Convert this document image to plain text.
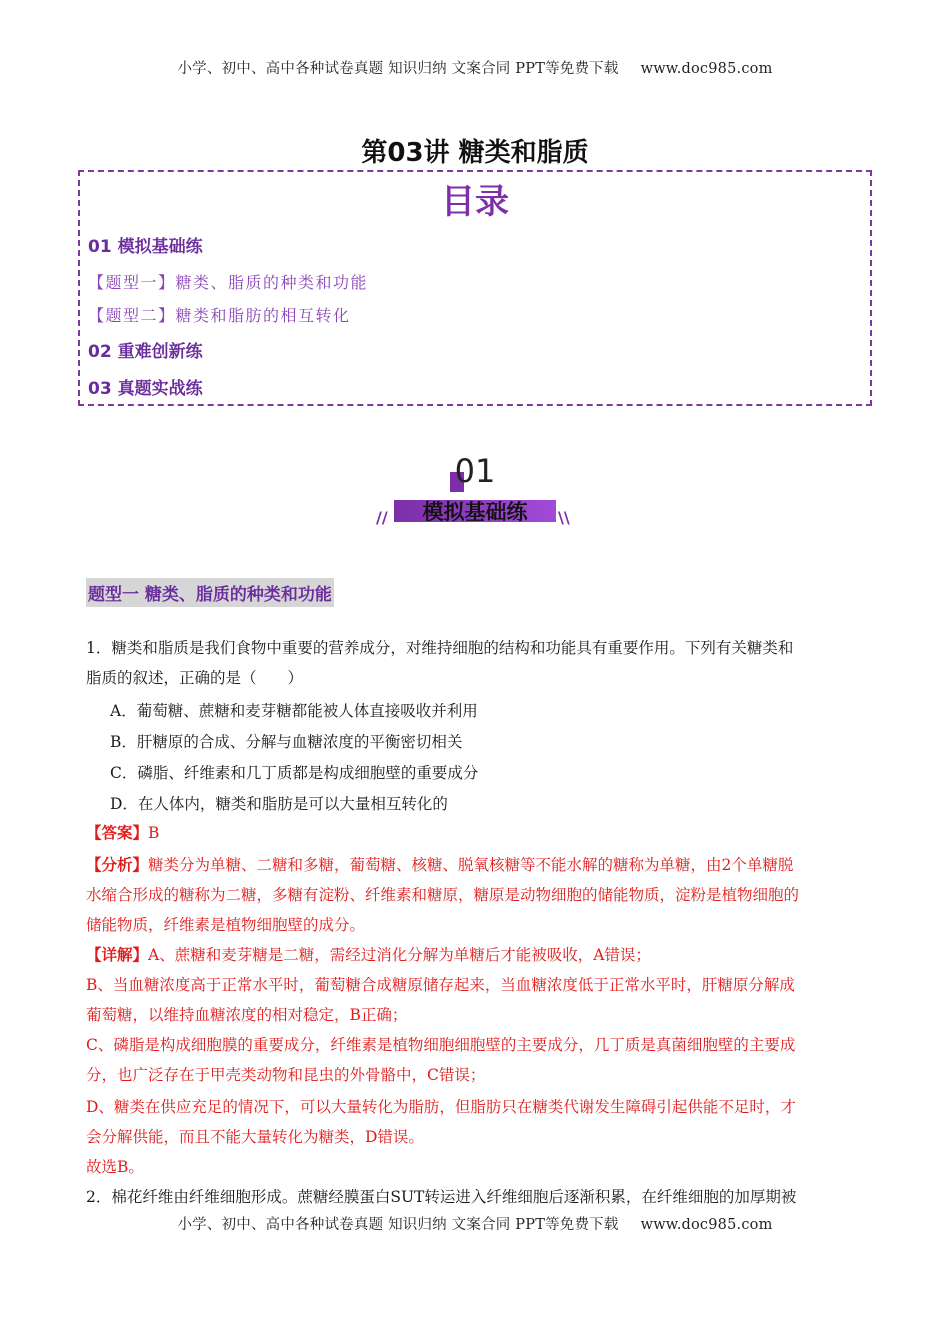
小学、初中、高中各种试卷真题 知识归纳 文案合同 PPT等免费下载 www.doc985.com
第03讲 糖类和脂质
目录
01 模拟基础练
【题型一】糖类、脂质的种类和功能
【题型二】糖类和脂肪的相互转化
02 重难创新练
03 真题实战练
01
模拟基础练
//	\\
题型一 糖类、脂质的种类和功能
1．糖类和脂质是我们食物中重要的营养成分，对维持细胞的结构和功能具有重要作用。下列有关糖类和
脂质的叙述，正确的是（　　）
A．葡萄糖、蔗糖和麦芽糖都能被人体直接吸收并利用
B．肝糖原的合成、分解与血糖浓度的平衡密切相关
C．磷脂、纤维素和几丁质都是构成细胞壁的重要成分
D．在人体内，糖类和脂肪是可以大量相互转化的
【答案】B
【分析】糖类分为单糖、二糖和多糖，葡萄糖、核糖、脱氧核糖等不能水解的糖称为单糖，由2个单糖脱
水缩合形成的糖称为二糖，多糖有淀粉、纤维素和糖原，糖原是动物细胞的储能物质，淀粉是植物细胞的
储能物质，纤维素是植物细胞壁的成分。
【详解】A、蔗糖和麦芽糖是二糖，需经过消化分解为单糖后才能被吸收，A错误；
B、当血糖浓度高于正常水平时，葡萄糖合成糖原储存起来，当血糖浓度低于正常水平时，肝糖原分解成
葡萄糖，以维持血糖浓度的相对稳定，B正确；
C、磷脂是构成细胞膜的重要成分，纤维素是植物细胞细胞壁的主要成分，几丁质是真菌细胞壁的主要成
分，也广泛存在于甲壳类动物和昆虫的外骨骼中，C错误；
D、糖类在供应充足的情况下，可以大量转化为脂肪，但脂肪只在糖类代谢发生障碍引起供能不足时，才
会分解供能，而且不能大量转化为糖类，D错误。
故选B。
2．棉花纤维由纤维细胞形成。蔗糖经膜蛋白SUT转运进入纤维细胞后逐渐积累，在纤维细胞的加厚期被
小学、初中、高中各种试卷真题 知识归纳 文案合同 PPT等免费下载 www.doc985.com
